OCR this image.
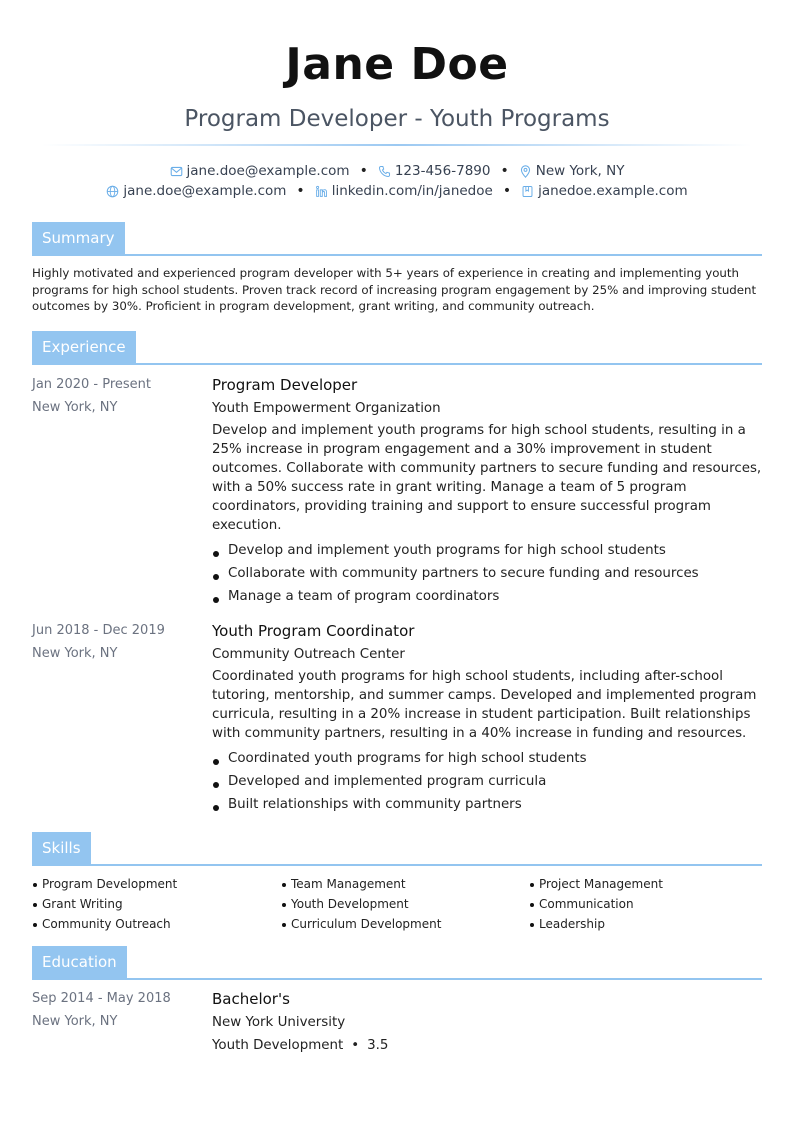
Jane Doe
Program Developer - Youth Programs
jane.doe@example.com • 123-456-7890 • New York, NY
jane.doe@example.com • linkedin.com/in/janedoe • janedoe.example.com
Summary

Highly motivated and experienced program developer with 5+ years of experience in creating and implementing youth programs for high school students. Proven track record of increasing program engagement by 25% and improving student outcomes by 30%. Proficient in program development, grant writing, and community outreach.

Experience
Jan 2020 - Present
New York, NY
Program Developer
Youth Empowerment Organization
Develop and implement youth programs for high school students, resulting in a 25% increase in program engagement and a 30% improvement in student outcomes. Collaborate with community partners to secure funding and resources, with a 50% success rate in grant writing. Manage a team of 5 program coordinators, providing training and support to ensure successful program execution.
Develop and implement youth programs for high school students
Collaborate with community partners to secure funding and resources
Manage a team of program coordinators
Jun 2018 - Dec 2019
New York, NY
Youth Program Coordinator
Community Outreach Center
Coordinated youth programs for high school students, including after-school tutoring, mentorship, and summer camps. Developed and implemented program curricula, resulting in a 20% increase in student participation. Built relationships with community partners, resulting in a 40% increase in funding and resources.
Coordinated youth programs for high school students
Developed and implemented program curricula
Built relationships with community partners
Skills
Program Development	Team Management	Project Management
Grant Writing	Youth Development	Communication
Community Outreach	Curriculum Development	Leadership
Education
Sep 2014 - May 2018
New York, NY
Bachelor's
New York University
Youth Development • 3.5
